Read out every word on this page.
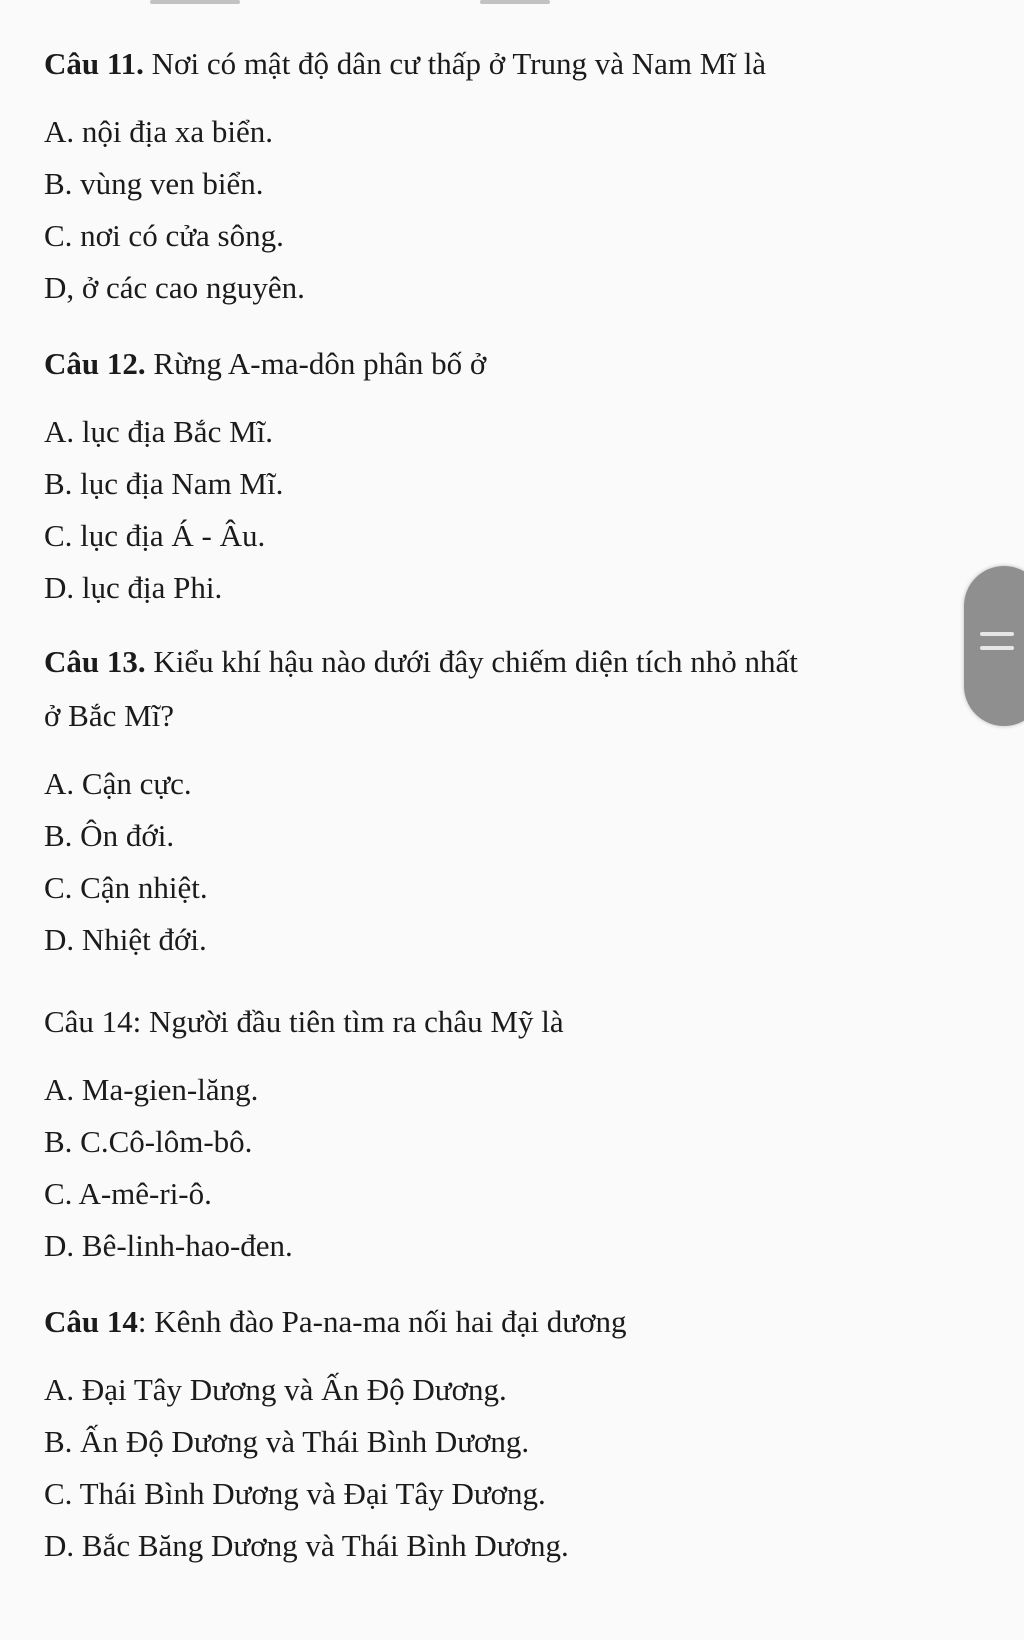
Câu 11. Nơi có mật độ dân cư thấp ở Trung và Nam Mĩ là
A. nội địa xa biển.
B. vùng ven biển.
C. nơi có cửa sông.
D, ở các cao nguyên.
Câu 12. Rừng A-ma-dôn phân bố ở
A. lục địa Bắc Mĩ.
B. lục địa Nam Mĩ.
C. lục địa Á - Âu.
D. lục địa Phi.
Câu 13. Kiểu khí hậu nào dưới đây chiếm diện tích nhỏ nhất
ở Bắc Mĩ?
A. Cận cực.
B. Ôn đới.
C. Cận nhiệt.
D. Nhiệt đới.
Câu 14: Người đầu tiên tìm ra châu Mỹ là
A. Ma-gien-lăng.
B. C.Cô-lôm-bô.
C. A-mê-ri-ô.
D. Bê-linh-hao-đen.
Câu 14: Kênh đào Pa-na-ma nối hai đại dương
A. Đại Tây Dương và Ấn Độ Dương.
B. Ấn Độ Dương và Thái Bình Dương.
C. Thái Bình Dương và Đại Tây Dương.
D. Bắc Băng Dương và Thái Bình Dương.
